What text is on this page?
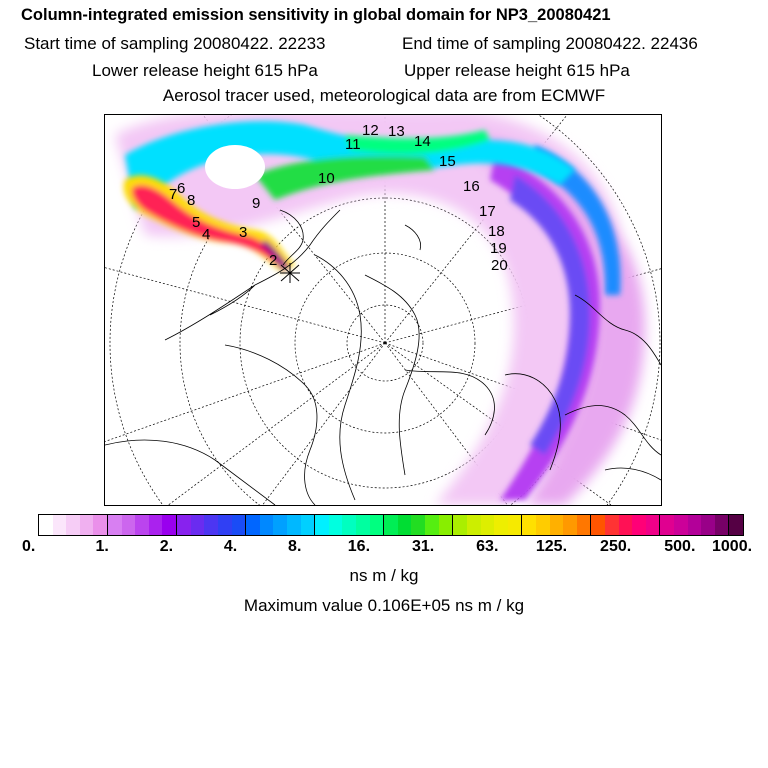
Column-integrated emission sensitivity in global domain for NP3_20080421
Start time of sampling 20080422. 22233	End time of sampling 20080422. 22436
Lower release height 615 hPa	Upper release height 615 hPa
Aerosol tracer used, meteorological data are from ECMWF
2
3
4
5
6
7 8	9
10
11
12 13
14
15
16
17
18
19
20
0.	1.	2.	4.	8.	16.	31.	63. 125. 250. 500. 1000.
ns m / kg
Maximum value 0.106E+05 ns m / kg
